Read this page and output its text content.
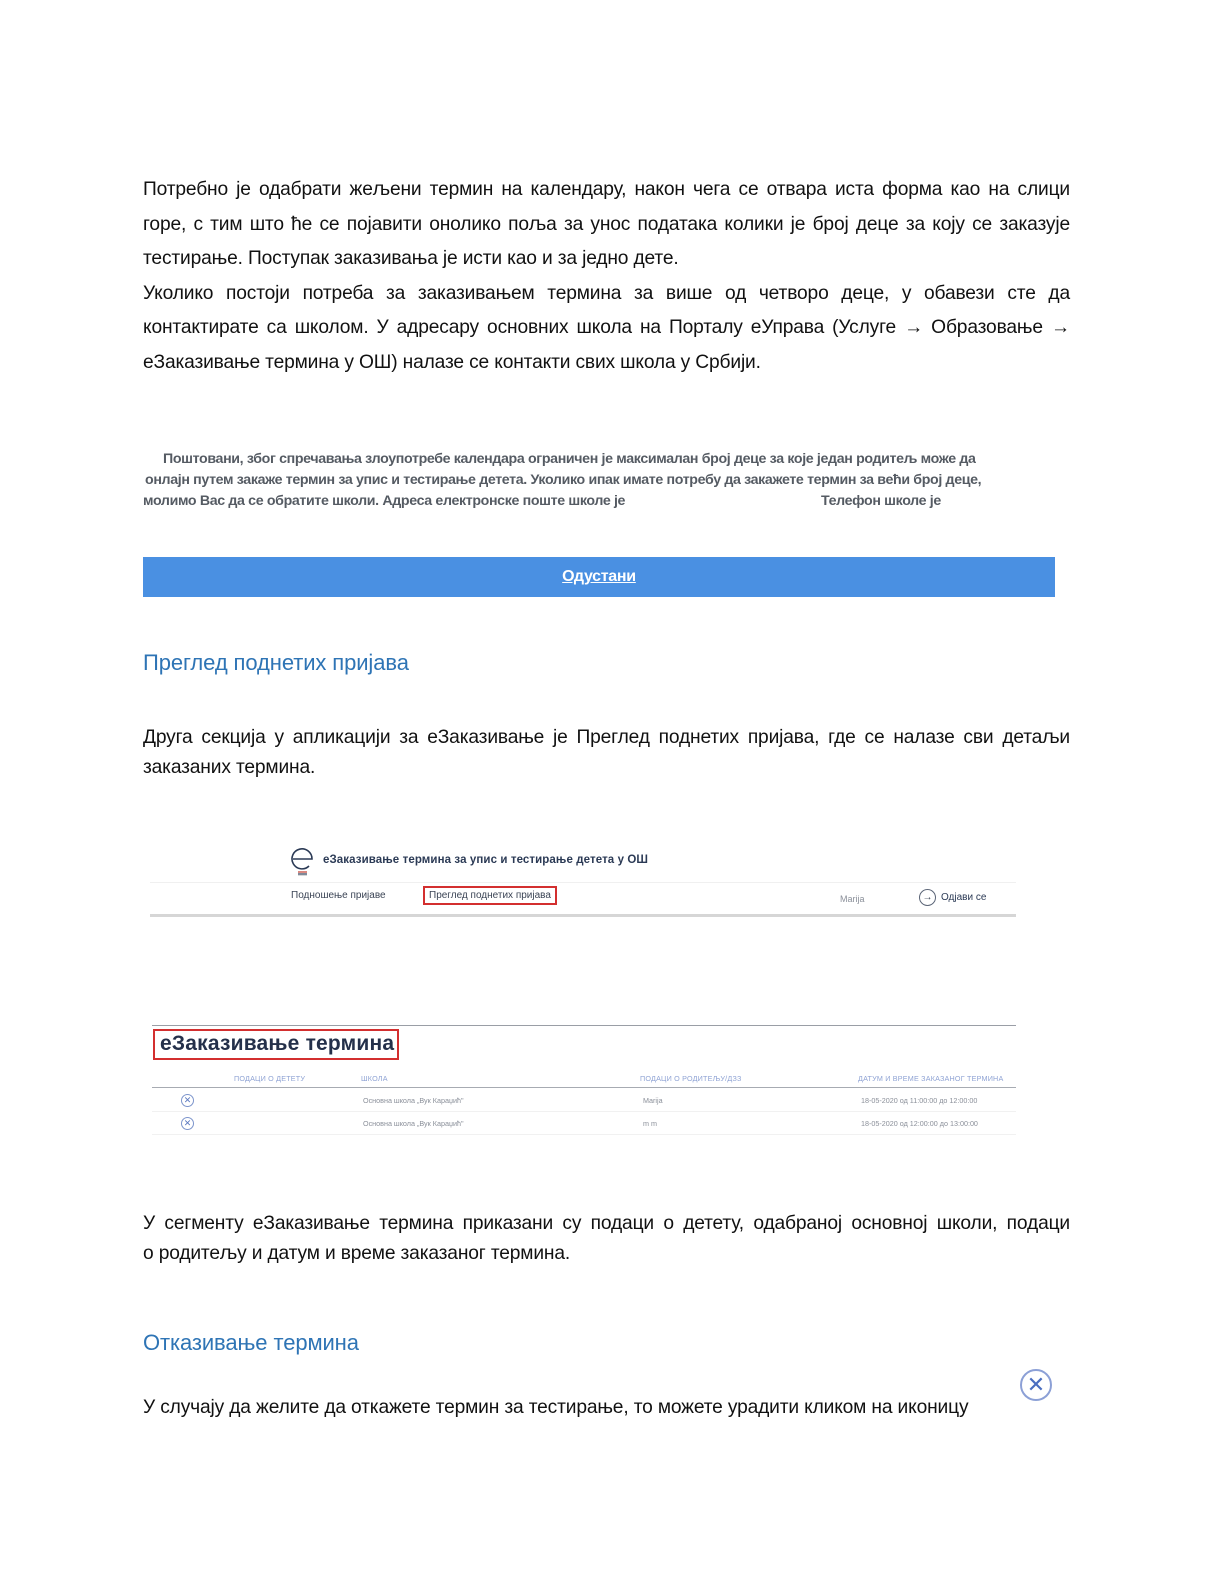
Потребно је одабрати жељени термин на календару, након чега се отвара иста форма као на слици
горе, с тим што ће се појавити онолико поља за унос података колики је број деце за коју се заказује
тестирање. Поступак заказивања је исти као и за једно дете.
Уколико постоји потреба за заказивањем термина за више од четворо деце, у обавези сте да
контактирате са школом. У адресару основних школа на Порталу еУправа (Услуге → Образовање →
еЗаказивање термина у ОШ) налазе се контакти свих школа у Србији.
Поштовани, због спречавања злоупотребе календара ограничен је максималан број деце за које један родитељ може да
онлајн путем закаже термин за упис и тестирање детета. Уколико ипак имате потребу да закажете термин за већи број деце,
молимо Вас да се обратите школи. Адреса електронске поште школе је	Телефон школе је
Одустани
Преглед поднетих пријава
Друга секција у апликацији за еЗаказивање је Преглед поднетих пријава, где се налазе сви детаљи
заказаних термина.
еЗаказивање термина за упис и тестирање детета у ОШ
Подношење пријаве	Преглед поднетих пријава	Marija	→ Одјави се
еЗаказивање термина
ПОДАЦИ О ДЕТЕТУ	ШКОЛА	ПОДАЦИ О РОДИТЕЉУ/ДЗЗ	ДАТУМ И ВРЕМЕ ЗАКАЗАНОГ ТЕРМИНА
✕	Основна школа „Вук Караџић"	Marija	18-05-2020 од 11:00:00 до 12:00:00
✕	Основна школа „Вук Караџић"	m m	18-05-2020 од 12:00:00 до 13:00:00
У сегменту еЗаказивање термина приказани су подаци о детету, одабраној основној школи, подаци
о родитељу и датум и време заказаног термина.
Отказивање термина
У случају да желите да откажете термин за тестирање, то можете урадити кликом на иконицу
✕
